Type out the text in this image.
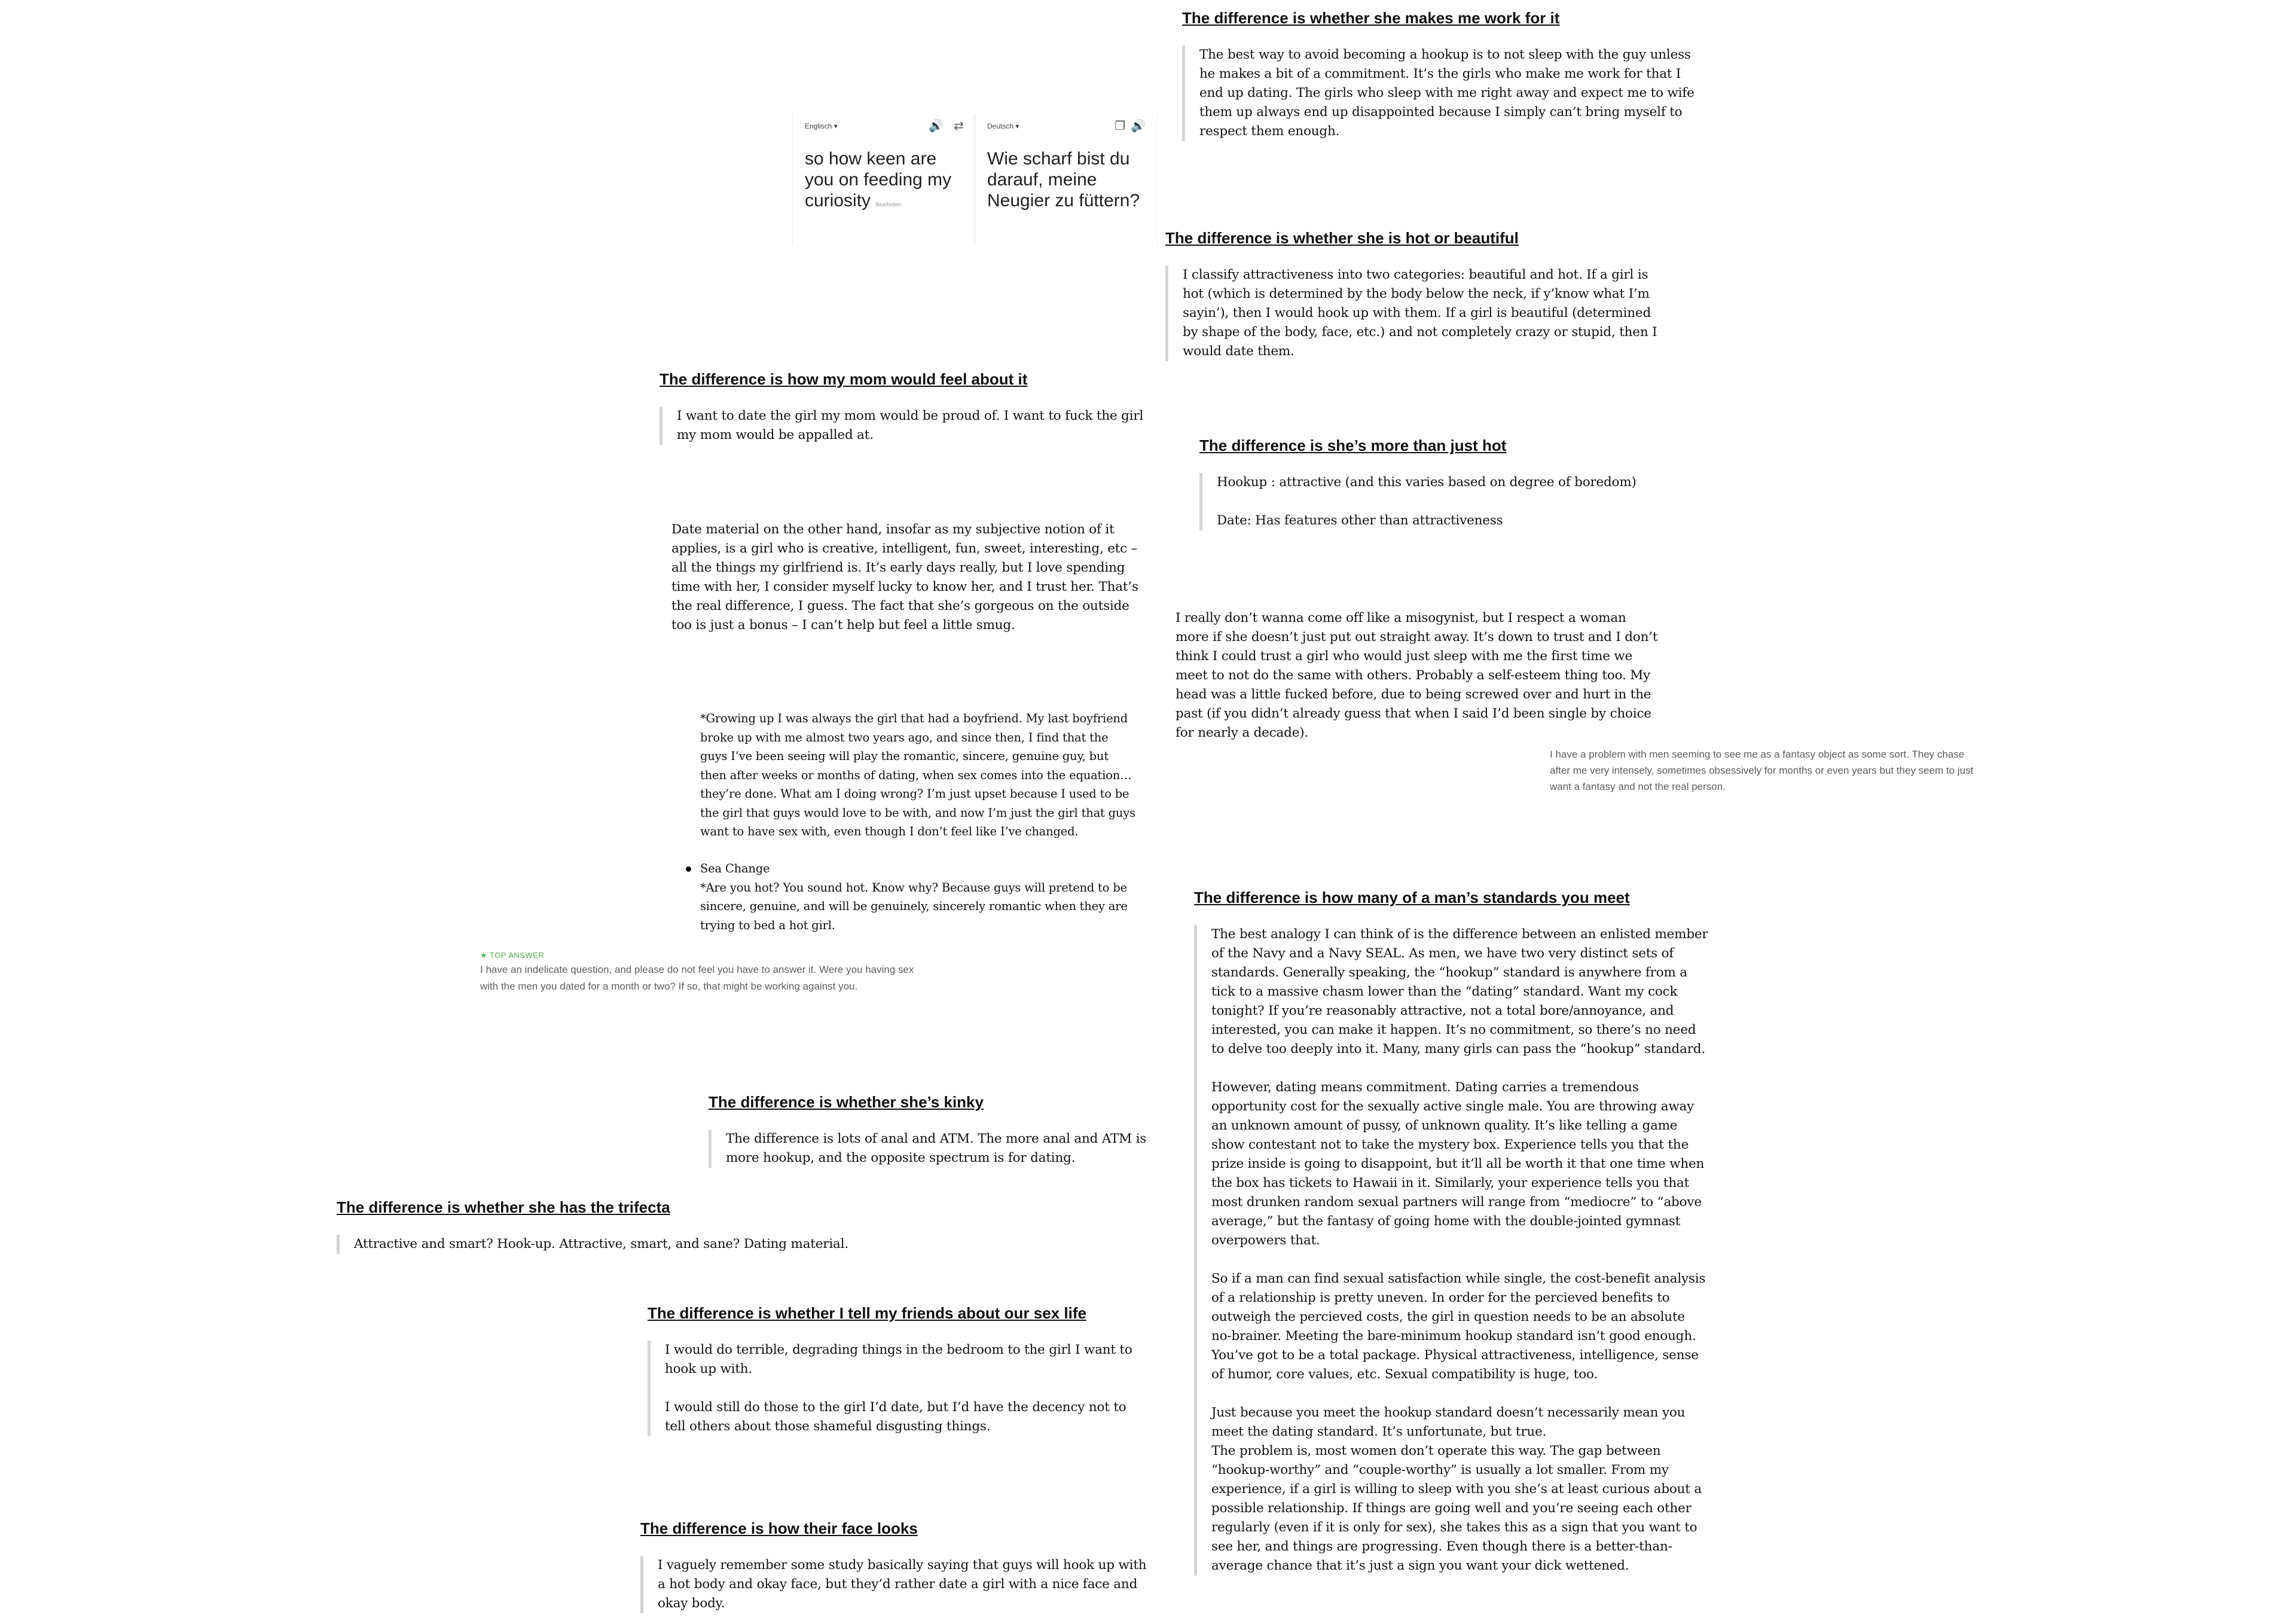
Englisch ▾	🔊 ⇄
so how keen are you on feeding my curiosity Bearbeiten
Deutsch ▾	❐ 🔊
Wie scharf bist du darauf, meine Neugier zu füttern?
The difference is whether she makes me work for it

The best way to avoid becoming a hookup is to not sleep with the guy unless he makes a bit of a commitment. It’s the girls who make me work for that I end up dating. The girls who sleep with me right away and expect me to wife them up always end up disappointed because I simply can’t bring myself to respect them enough.

The difference is whether she is hot or beautiful

I classify attractiveness into two categories: beautiful and hot. If a girl is hot (which is determined by the body below the neck, if y’know what I’m sayin’), then I would hook up with them. If a girl is beautiful (determined by shape of the body, face, etc.) and not completely crazy or stupid, then I would date them.

The difference is how my mom would feel about it

I want to date the girl my mom would be proud of. I want to fuck the girl my mom would be appalled at.

The difference is she’s more than just hot

Hookup : attractive (and this varies based on degree of boredom)

Date: Has features other than attractiveness

Date material on the other hand, insofar as my subjective notion of it applies, is a girl who is creative, intelligent, fun, sweet, interesting, etc – all the things my girlfriend is. It’s early days really, but I love spending time with her, I consider myself lucky to know her, and I trust her. That’s the real difference, I guess. The fact that she’s gorgeous on the outside too is just a bonus – I can’t help but feel a little smug.	I really don’t wanna come off like a misogynist, but I respect a woman more if she doesn’t just put out straight away. It’s down to trust and I don’t think I could trust a girl who would just sleep with me the first time we meet to not do the same with others. Probably a self-esteem thing too. My head was a little fucked before, due to being screwed over and hurt in the past (if you didn’t already guess that when I said I’d been single by choice for nearly a decade).
I have a problem with men seeming to see me as a fantasy object as some sort. They chase after me very intensely, sometimes obsessively for months or even years but they seem to just want a fantasy and not the real person.
*Growing up I was always the girl that had a boyfriend. My last boyfriend broke up with me almost two years ago, and since then, I find that the guys I’ve been seeing will play the romantic, sincere, genuine guy, but then after weeks or months of dating, when sex comes into the equation… they’re done. What am I doing wrong? I’m just upset because I used to be the girl that guys would love to be with, and now I’m just the girl that guys want to have sex with, even though I don’t feel like I’ve changed.
Sea Change
*Are you hot? You sound hot. Know why? Because guys will pretend to be sincere, genuine, and will be genuinely, sincerely romantic when they are trying to bed a hot girl.
★ TOP ANSWER
I have an indelicate question, and please do not feel you have to answer it. Were you having sex with the men you dated for a month or two? If so, that might be working against you.
The difference is how many of a man’s standards you meet

The best analogy I can think of is the difference between an enlisted member of the Navy and a Navy SEAL. As men, we have two very distinct sets of standards. Generally speaking, the “hookup” standard is anywhere from a tick to a massive chasm lower than the “dating” standard. Want my cock tonight? If you’re reasonably attractive, not a total bore/annoyance, and interested, you can make it happen. It’s no commitment, so there’s no need to delve too deeply into it. Many, many girls can pass the “hookup” standard.

However, dating means commitment. Dating carries a tremendous opportunity cost for the sexually active single male. You are throwing away an unknown amount of pussy, of unknown quality. It’s like telling a game show contestant not to take the mystery box. Experience tells you that the prize inside is going to disappoint, but it’ll all be worth it that one time when the box has tickets to Hawaii in it. Similarly, your experience tells you that most drunken random sexual partners will range from “mediocre” to “above average,” but the fantasy of going home with the double-jointed gymnast overpowers that.

So if a man can find sexual satisfaction while single, the cost-benefit analysis of a relationship is pretty uneven. In order for the percieved benefits to outweigh the percieved costs, the girl in question needs to be an absolute no-brainer. Meeting the bare-minimum hookup standard isn’t good enough. You’ve got to be a total package. Physical attractiveness, intelligence, sense of humor, core values, etc. Sexual compatibility is huge, too.

Just because you meet the hookup standard doesn’t necessarily mean you meet the dating standard. It’s unfortunate, but true.

The problem is, most women don’t operate this way. The gap between “hookup-worthy” and “couple-worthy” is usually a lot smaller. From my experience, if a girl is willing to sleep with you she’s at least curious about a possible relationship. If things are going well and you’re seeing each other regularly (even if it is only for sex), she takes this as a sign that you want to see her, and things are progressing. Even though there is a better-than-average chance that it’s just a sign you want your dick wettened.

The difference is whether she’s kinky

The difference is lots of anal and ATM. The more anal and ATM is more hookup, and the opposite spectrum is for dating.

The difference is whether she has the trifecta

Attractive and smart? Hook-up. Attractive, smart, and sane? Dating material.

The difference is whether I tell my friends about our sex life

I would do terrible, degrading things in the bedroom to the girl I want to hook up with.

I would still do those to the girl I’d date, but I’d have the decency not to tell others about those shameful disgusting things.

The difference is how their face looks

I vaguely remember some study basically saying that guys will hook up with a hot body and okay face, but they’d rather date a girl with a nice face and okay body.
